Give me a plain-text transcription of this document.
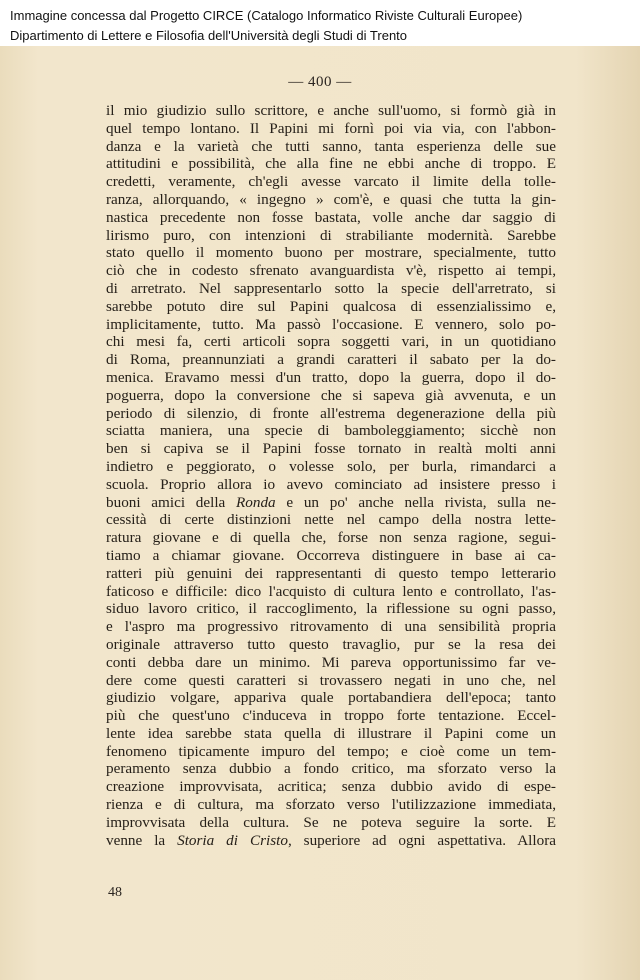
Immagine concessa dal Progetto CIRCE (Catalogo Informatico Riviste Culturali Europee)
Dipartimento di Lettere e Filosofia dell'Università degli Studi di Trento
— 400 —
il mio giudizio sullo scrittore, e anche sull'uomo, si formò già in
quel tempo lontano. Il Papini mi fornì poi via via, con l'abbon-
danza e la varietà che tutti sanno, tanta esperienza delle sue
attitudini e possibilità, che alla fine ne ebbi anche di troppo. E
credetti, veramente, ch'egli avesse varcato il limite della tolle-
ranza, allorquando, « ingegno » com'è, e quasi che tutta la gin-
nastica precedente non fosse bastata, volle anche dar saggio di
lirismo puro, con intenzioni di strabiliante modernità. Sarebbe
stato quello il momento buono per mostrare, specialmente, tutto
ciò che in codesto sfrenato avanguardista v'è, rispetto ai tempi,
di arretrato. Nel sappresentarlo sotto la specie dell'arretrato, si
sarebbe potuto dire sul Papini qualcosa di essenzialissimo e,
implicitamente, tutto. Ma passò l'occasione. E vennero, solo po-
chi mesi fa, certi articoli sopra soggetti vari, in un quotidiano
di Roma, preannunziati a grandi caratteri il sabato per la do-
menica. Eravamo messi d'un tratto, dopo la guerra, dopo il do-
poguerra, dopo la conversione che si sapeva già avvenuta, e un
periodo di silenzio, di fronte all'estrema degenerazione della più
sciatta maniera, una specie di bamboleggiamento; sicchè non
ben si capiva se il Papini fosse tornato in realtà molti anni
indietro e peggiorato, o volesse solo, per burla, rimandarci a
scuola. Proprio allora io avevo cominciato ad insistere presso i
buoni amici della Ronda e un po' anche nella rivista, sulla ne-
cessità di certe distinzioni nette nel campo della nostra lette-
ratura giovane e di quella che, forse non senza ragione, segui-
tiamo a chiamar giovane. Occorreva distinguere in base ai ca-
ratteri più genuini dei rappresentanti di questo tempo letterario
faticoso e difficile: dico l'acquisto di cultura lento e controllato, l'as-
siduo lavoro critico, il raccoglimento, la riflessione su ogni passo,
e l'aspro ma progressivo ritrovamento di una sensibilità propria
originale attraverso tutto questo travaglio, pur se la resa dei
conti debba dare un minimo. Mi pareva opportunissimo far ve-
dere come questi caratteri si trovassero negati in uno che, nel
giudizio volgare, appariva quale portabandiera dell'epoca; tanto
più che quest'uno c'induceva in troppo forte tentazione. Eccel-
lente idea sarebbe stata quella di illustrare il Papini come un
fenomeno tipicamente impuro del tempo; e cioè come un tem-
peramento senza dubbio a fondo critico, ma sforzato verso la
creazione improvvisata, acritica; senza dubbio avido di espe-
rienza e di cultura, ma sforzato verso l'utilizzazione immediata,
improvvisata della cultura. Se ne poteva seguire la sorte. E
venne la Storia di Cristo, superiore ad ogni aspettativa. Allora
48
